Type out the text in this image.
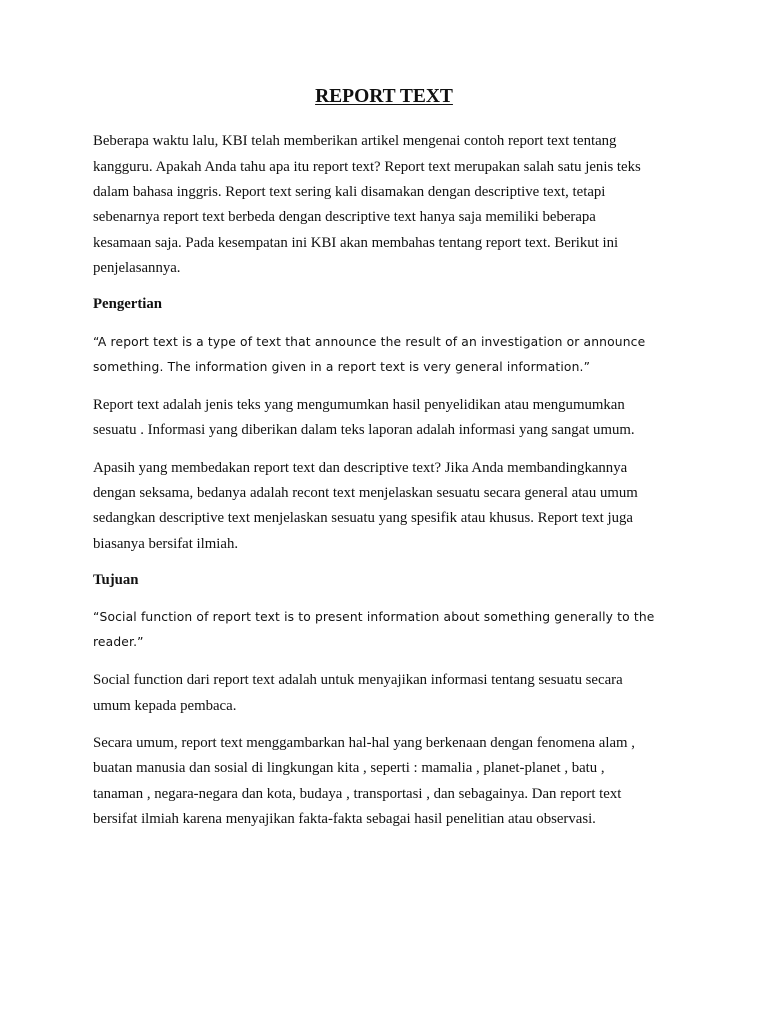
REPORT TEXT
Beberapa waktu lalu, KBI telah memberikan artikel mengenai contoh report text tentang
kangguru. Apakah Anda tahu apa itu report text? Report text merupakan salah satu jenis teks
dalam bahasa inggris. Report text sering kali disamakan dengan descriptive text, tetapi
sebenarnya report text berbeda dengan descriptive text hanya saja memiliki beberapa
kesamaan saja. Pada kesempatan ini KBI akan membahas tentang report text. Berikut ini
penjelasannya.
Pengertian
“A report text is a type of text that announce the result of an investigation or announce
something. The information given in a report text is very general information.”
Report text adalah jenis teks yang mengumumkan hasil penyelidikan atau mengumumkan
sesuatu . Informasi yang diberikan dalam teks laporan adalah informasi yang sangat umum.
Apasih yang membedakan report text dan descriptive text? Jika Anda membandingkannya
dengan seksama, bedanya adalah recont text menjelaskan sesuatu secara general atau umum
sedangkan descriptive text menjelaskan sesuatu yang spesifik atau khusus. Report text juga
biasanya bersifat ilmiah.
Tujuan
“Social function of report text is to present information about something generally to the
reader.”
Social function dari report text adalah untuk menyajikan informasi tentang sesuatu secara
umum kepada pembaca.
Secara umum, report text menggambarkan hal-hal yang berkenaan dengan fenomena alam ,
buatan manusia dan sosial di lingkungan kita , seperti : mamalia , planet-planet , batu ,
tanaman , negara-negara dan kota, budaya , transportasi , dan sebagainya. Dan report text
bersifat ilmiah karena menyajikan fakta-fakta sebagai hasil penelitian atau observasi.
